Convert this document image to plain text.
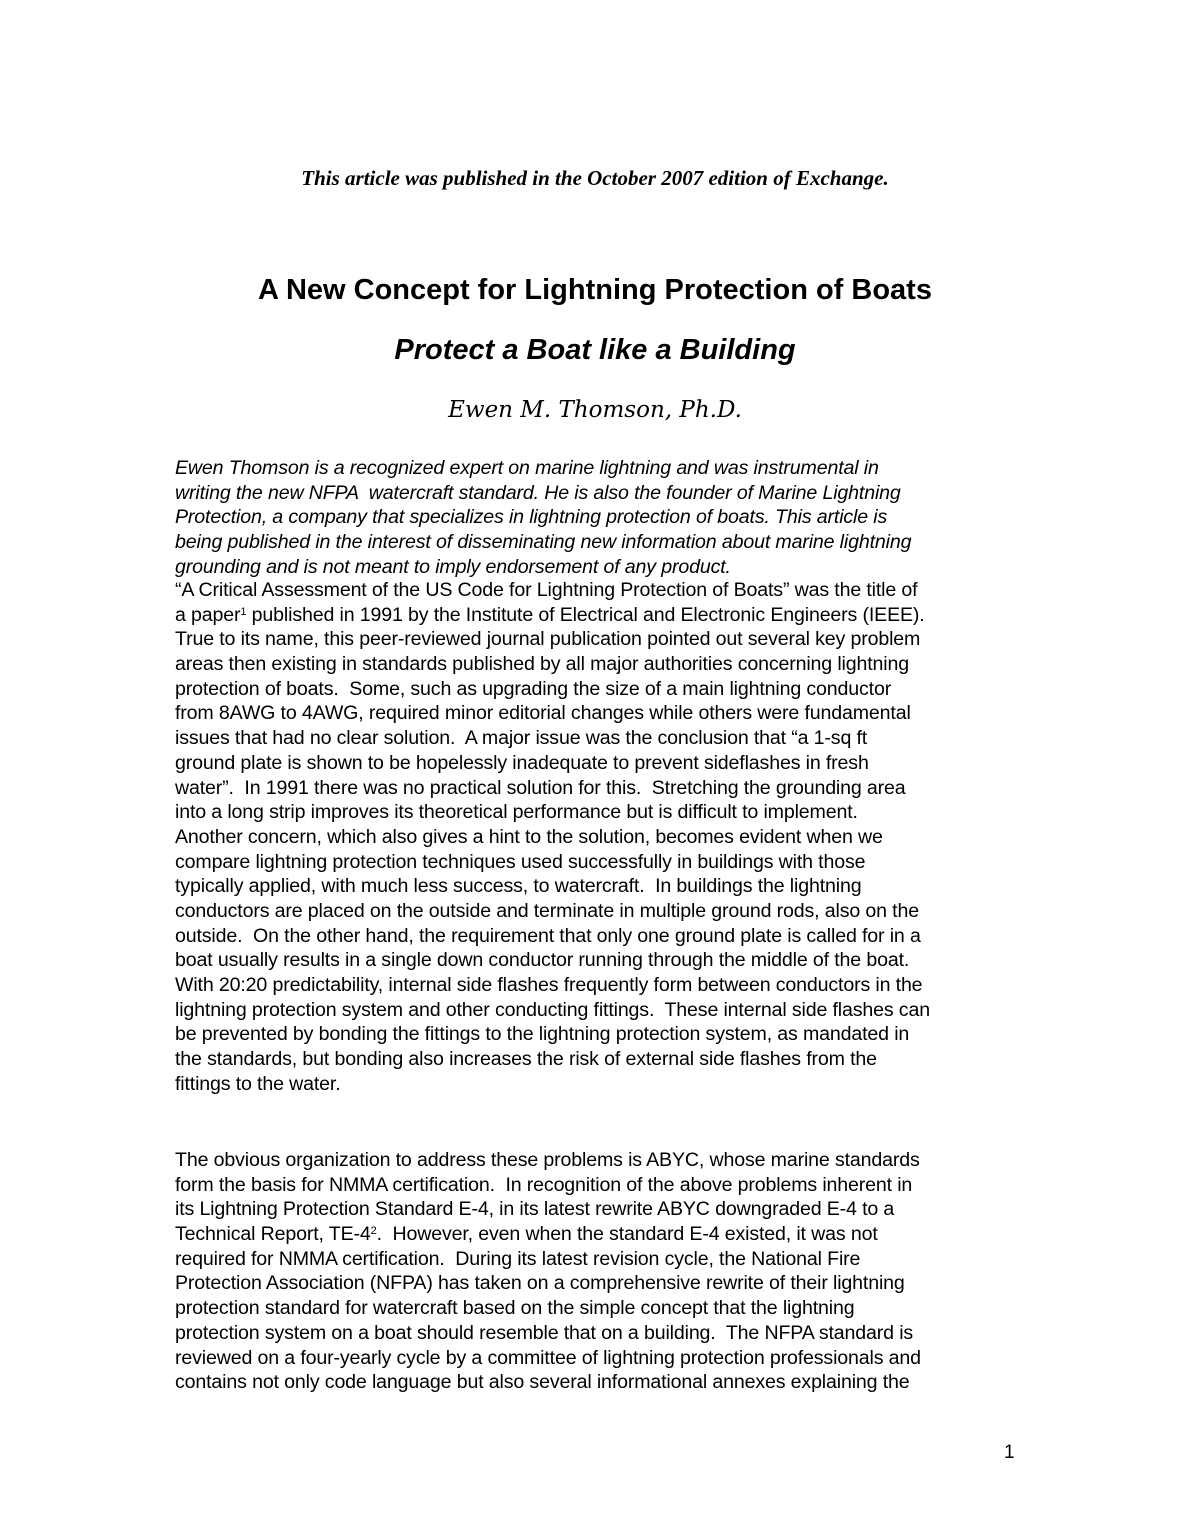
This article was published in the October 2007 edition of Exchange.
A New Concept for Lightning Protection of Boats
Protect a Boat like a Building
Ewen M. Thomson, Ph.D.
Ewen Thomson is a recognized expert on marine lightning and was instrumental in
writing the new NFPA  watercraft standard. He is also the founder of Marine Lightning
Protection, a company that specializes in lightning protection of boats. This article is
being published in the interest of disseminating new information about marine lightning
grounding and is not meant to imply endorsement of any product.
“A Critical Assessment of the US Code for Lightning Protection of Boats” was the title of
a paper$^1$ published in 1991 by the Institute of Electrical and Electronic Engineers (IEEE).
True to its name, this peer-reviewed journal publication pointed out several key problem
areas then existing in standards published by all major authorities concerning lightning
protection of boats.  Some, such as upgrading the size of a main lightning conductor
from 8AWG to 4AWG, required minor editorial changes while others were fundamental
issues that had no clear solution.  A major issue was the conclusion that “a 1-sq ft
ground plate is shown to be hopelessly inadequate to prevent sideflashes in fresh
water”.  In 1991 there was no practical solution for this.  Stretching the grounding area
into a long strip improves its theoretical performance but is difficult to implement.
Another concern, which also gives a hint to the solution, becomes evident when we
compare lightning protection techniques used successfully in buildings with those
typically applied, with much less success, to watercraft.  In buildings the lightning
conductors are placed on the outside and terminate in multiple ground rods, also on the
outside.  On the other hand, the requirement that only one ground plate is called for in a
boat usually results in a single down conductor running through the middle of the boat.
With 20:20 predictability, internal side flashes frequently form between conductors in the
lightning protection system and other conducting fittings.  These internal side flashes can
be prevented by bonding the fittings to the lightning protection system, as mandated in
the standards, but bonding also increases the risk of external side flashes from the
fittings to the water.
The obvious organization to address these problems is ABYC, whose marine standards
form the basis for NMMA certification.  In recognition of the above problems inherent in
its Lightning Protection Standard E-4, in its latest rewrite ABYC downgraded E-4 to a
Technical Report, $TE-4^2$.  However, even when the standard E-4 existed, it was not
required for NMMA certification.  During its latest revision cycle, the National Fire
Protection Association (NFPA) has taken on a comprehensive rewrite of their lightning
protection standard for watercraft based on the simple concept that the lightning
protection system on a boat should resemble that on a building.  The NFPA standard is
reviewed on a four-yearly cycle by a committee of lightning protection professionals and
contains not only code language but also several informational annexes explaining the
1
